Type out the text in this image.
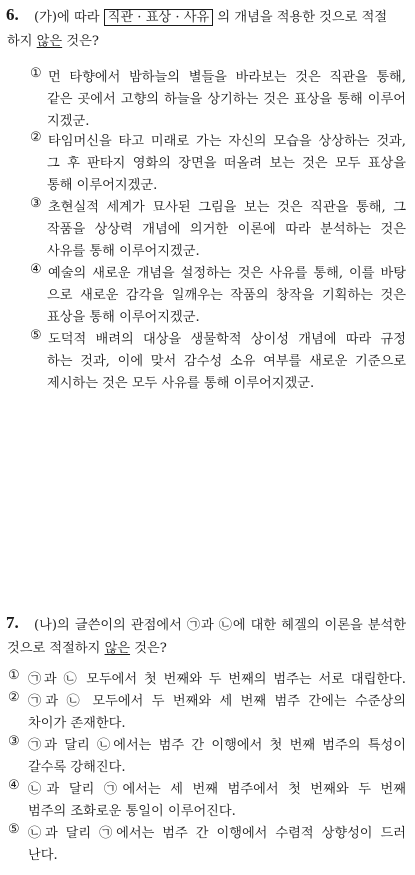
6. (가)에 따라 직관 · 표상 · 사유 의 개념을 적용한 것으로 적절
하지 않은 것은?
① 먼 타향에서 밤하늘의 별들을 바라보는 것은 직관을 통해,
같은 곳에서 고향의 하늘을 상기하는 것은 표상을 통해 이루어
지겠군.
② 타임머신을 타고 미래로 가는 자신의 모습을 상상하는 것과,
그 후 판타지 영화의 장면을 떠올려 보는 것은 모두 표상을
통해 이루어지겠군.
③ 초현실적 세계가 묘사된 그림을 보는 것은 직관을 통해, 그
작품을 상상력 개념에 의거한 이론에 따라 분석하는 것은
사유를 통해 이루어지겠군.
④ 예술의 새로운 개념을 설정하는 것은 사유를 통해, 이를 바탕
으로 새로운 감각을 일깨우는 작품의 창작을 기획하는 것은
표상을 통해 이루어지겠군.
⑤ 도덕적 배려의 대상을 생물학적 상이성 개념에 따라 규정
하는 것과, 이에 맞서 감수성 소유 여부를 새로운 기준으로
제시하는 것은 모두 사유를 통해 이루어지겠군.
7. (나)의 글쓴이의 관점에서 ㉠과 ㉡에 대한 헤겔의 이론을 분석한
것으로 적절하지 않은 것은?
① ㉠과 ㉡ 모두에서 첫 번째와 두 번째의 범주는 서로 대립한다.
② ㉠과 ㉡ 모두에서 두 번째와 세 번째 범주 간에는 수준상의
차이가 존재한다.
③ ㉠과 달리 ㉡에서는 범주 간 이행에서 첫 번째 범주의 특성이
갈수록 강해진다.
④ ㉡과 달리 ㉠에서는 세 번째 범주에서 첫 번째와 두 번째
범주의 조화로운 통일이 이루어진다.
⑤ ㉡과 달리 ㉠에서는 범주 간 이행에서 수렴적 상향성이 드러
난다.
